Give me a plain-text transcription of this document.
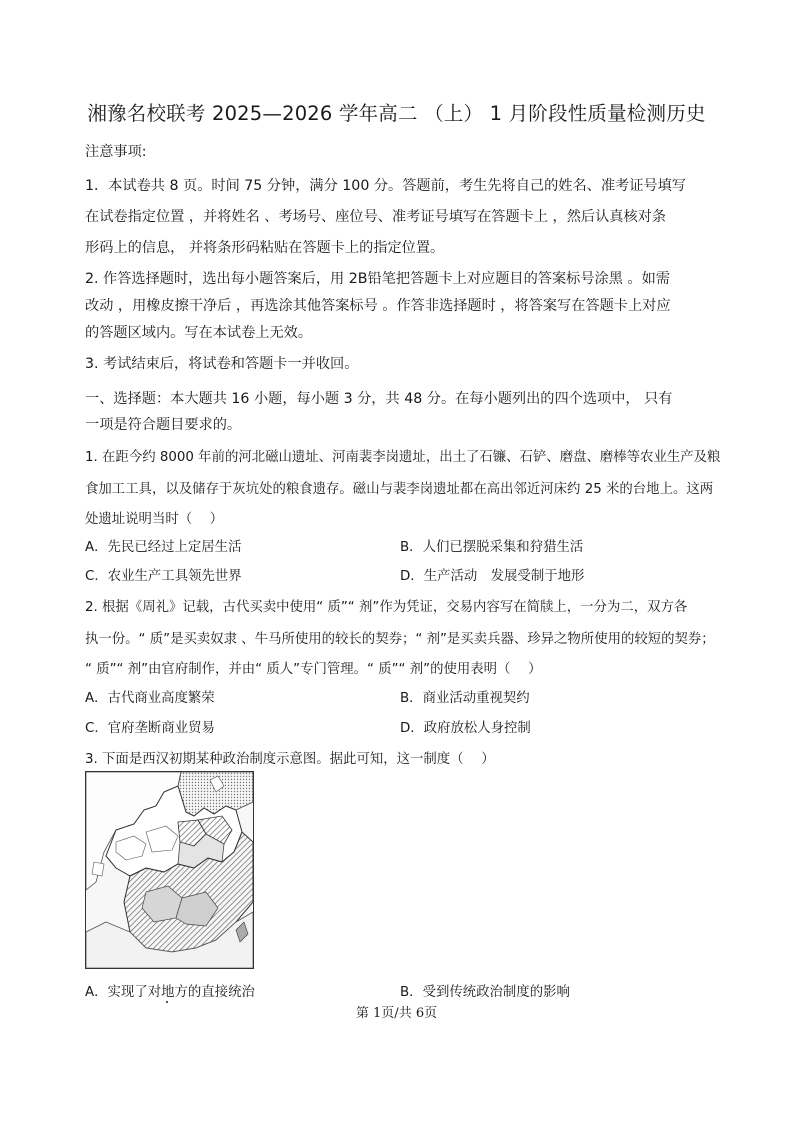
湘豫名校联考 2025—2026 学年高二 （上） 1 月阶段性质量检测历史
注意事项:
1．本试卷共 8 页。时间 75 分钟，满分 100 分。答题前，考生先将自己的姓名、准考证号填写
在试卷指定位置 ，并将姓名 、考场号、座位号、准考证号填写在答题卡上 ，然后认真核对条
形码上的信息， 并将条形码粘贴在答题卡上的指定位置。
2. 作答选择题时，选出每小题答案后，用 2B铅笔把答题卡上对应题目的答案标号涂黑 。如需
改动 ，用橡皮擦干净后 ，再选涂其他答案标号 。作答非选择题时 ，将答案写在答题卡上对应
的答题区域内。写在本试卷上无效。
3. 考试结束后，将试卷和答题卡一并收回。
一、选择题：本大题共 16 小题，每小题 3 分，共 48 分。在每小题列出的四个选项中， 只有
一项是符合题目要求的。
1. 在距今约 8000 年前的河北磁山遗址、河南裴李岗遗址，出土了石镰、石铲、磨盘、磨棒等农业生产及粮
食加工工具，以及储存于灰坑处的粮食遗存。磁山与裴李岗遗址都在高出邻近河床约 25 米的台地上。这两
处遗址说明当时（　 ）
A．先民已经过上定居生活	B．人们已摆脱采集和狩猎生活
C．农业生产工具领先世界	D．生产活动　发展受制于地形
2. 根据《周礼》记载，古代买卖中使用“ 质”“ 剂”作为凭证，交易内容写在简牍上，一分为二，双方各
执一份。“ 质”是买卖奴隶 、牛马所使用的较长的契券；“ 剂”是买卖兵器、珍异之物所使用的较短的契券；
“ 质”“ 剂”由官府制作，并由“ 质人”专门管理。“ 质”“ 剂”的使用表明（　 ）
A．古代商业高度繁荣	B．商业活动重视契约
C．官府垄断商业贸易	D．政府放松人身控制
3. 下面是西汉初期某种政治制度示意图。据此可知，这一制度（　 ）
A．实现了对地方的直接统治	B．受到传统政治制度的影响
第 1页/共 6页
